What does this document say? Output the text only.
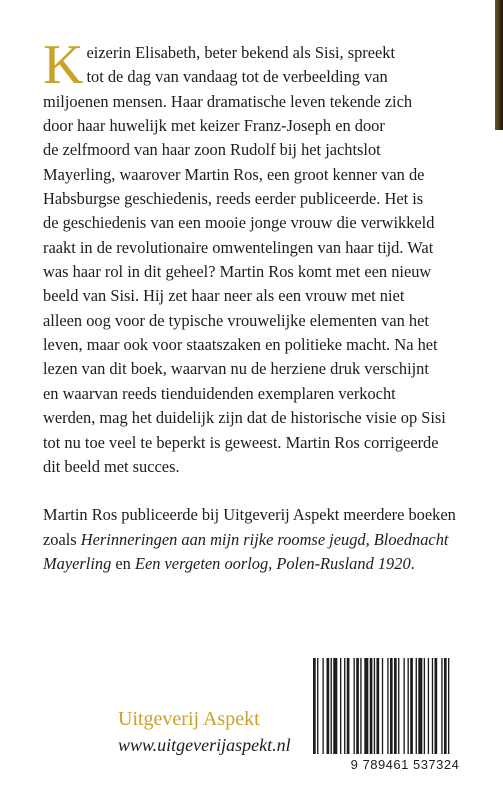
K eizerin Elisabeth, beter bekend als Sisi, spreekt
tot de dag van vandaag tot de verbeelding van
miljoenen mensen. Haar dramatische leven tekende zich
door haar huwelijk met keizer Franz-Joseph en door
de zelfmoord van haar zoon Rudolf bij het jachtslot
Mayerling, waarover Martin Ros, een groot kenner van de
Habsburgse geschiedenis, reeds eerder publiceerde. Het is
de geschiedenis van een mooie jonge vrouw die verwikkeld
raakt in de revolutionaire omwentelingen van haar tijd. Wat
was haar rol in dit geheel? Martin Ros komt met een nieuw
beeld van Sisi. Hij zet haar neer als een vrouw met niet
alleen oog voor de typische vrouwelijke elementen van het
leven, maar ook voor staatszaken en politieke macht. Na het
lezen van dit boek, waarvan nu de herziene druk verschijnt
en waarvan reeds tienduidenden exemplaren verkocht
werden, mag het duidelijk zijn dat de historische visie op Sisi
tot nu toe veel te beperkt is geweest. Martin Ros corrigeerde
dit beeld met succes.

Martin Ros publiceerde bij Uitgeverij Aspekt meerdere boeken
zoals Herinneringen aan mijn rijke roomse jeugd, Bloednacht
Mayerling en Een vergeten oorlog, Polen-Rusland 1920.

Uitgeverij Aspekt
www.uitgeverijaspekt.nl
9 789461 537324
